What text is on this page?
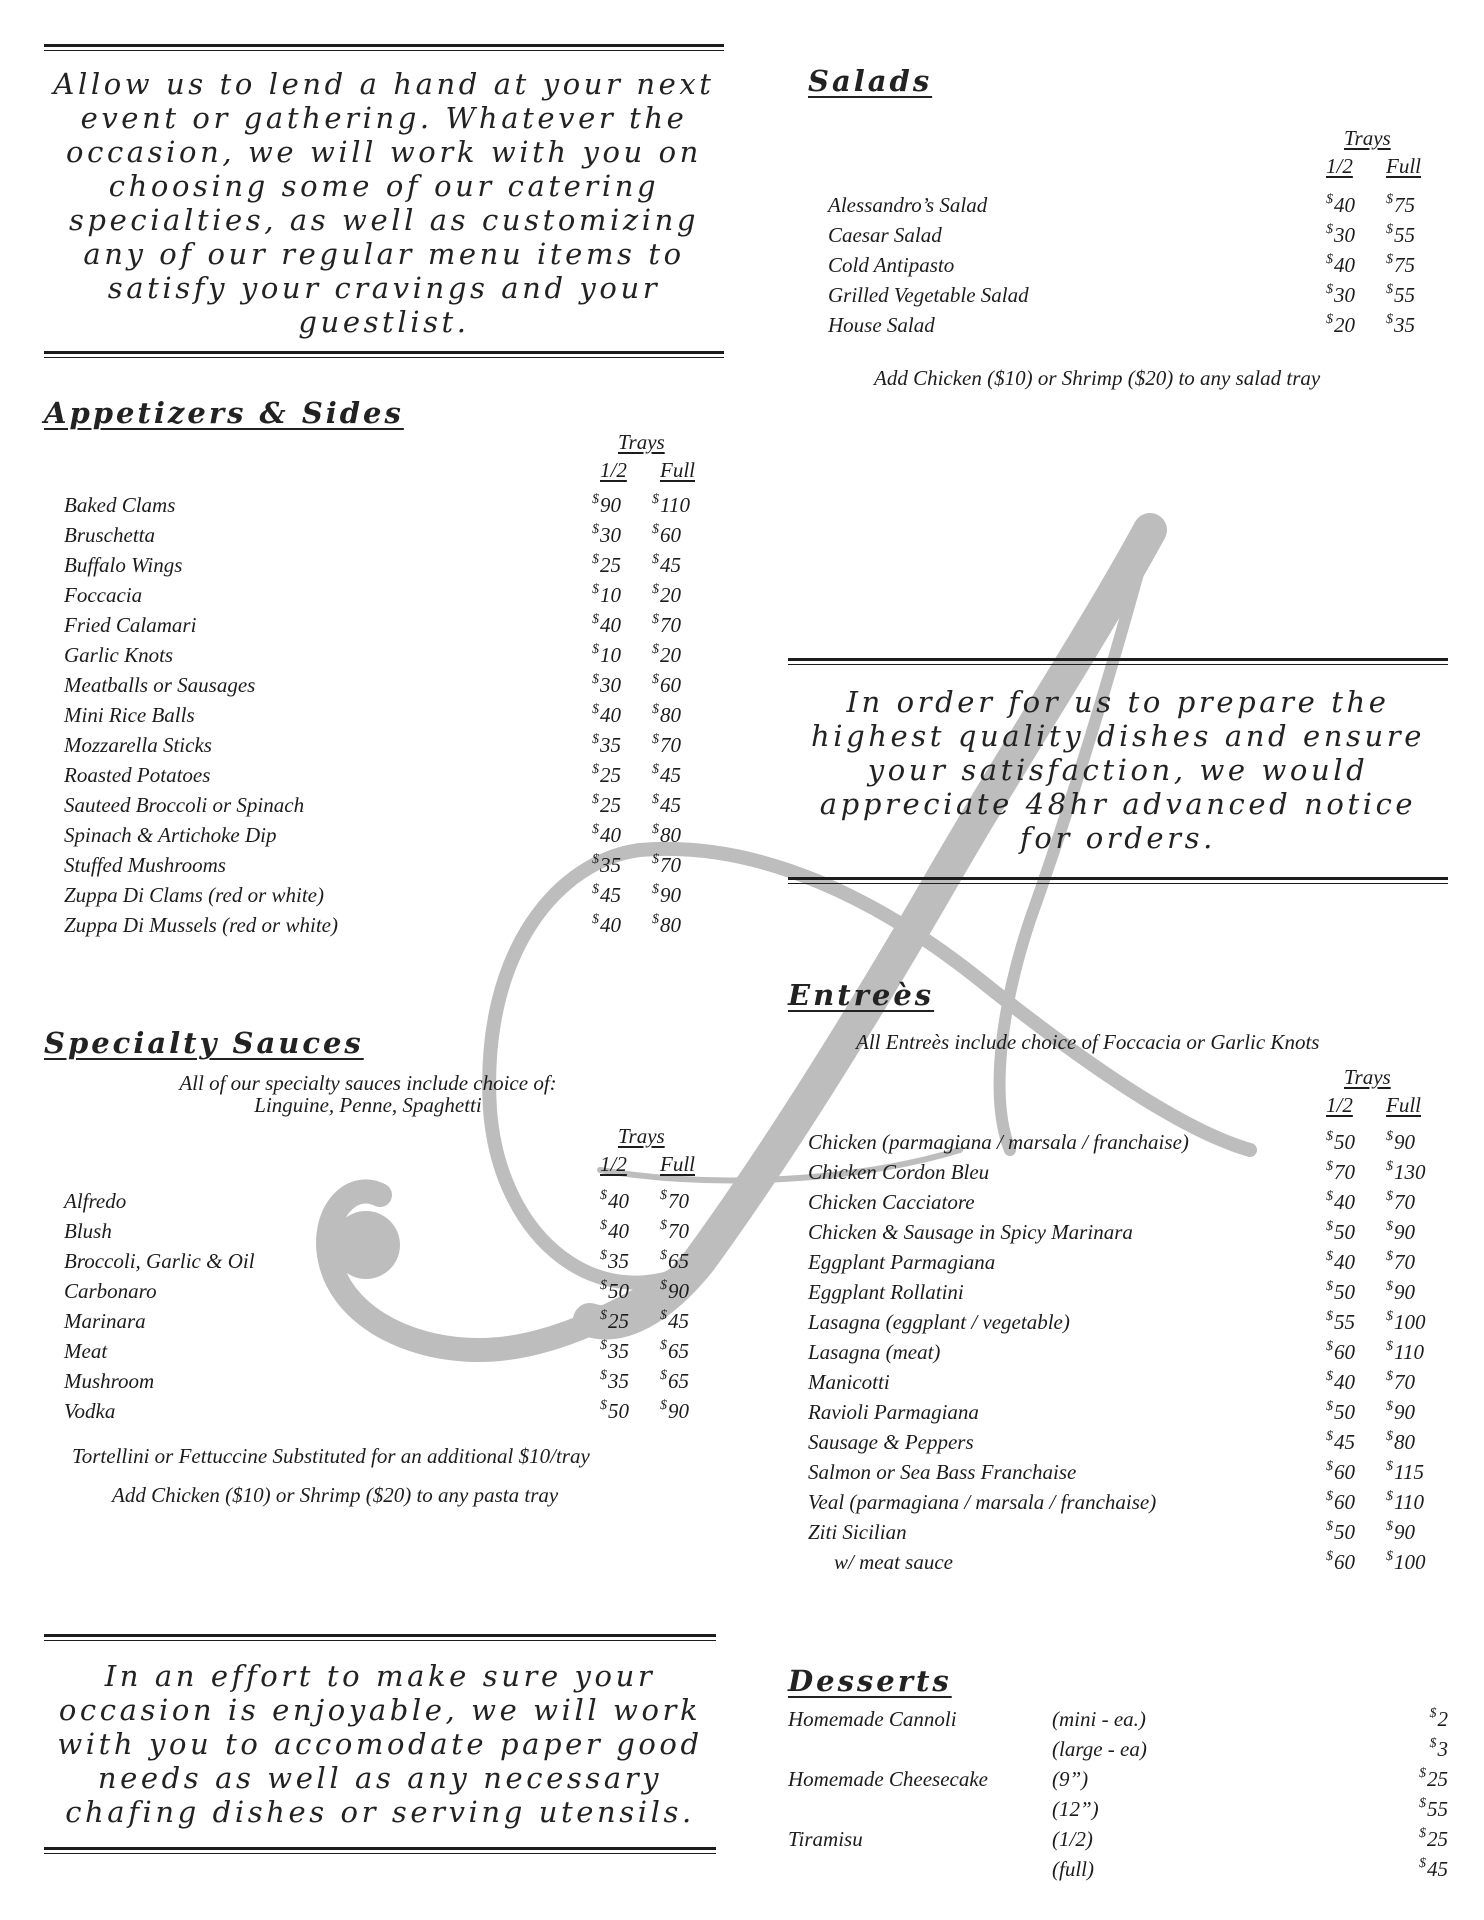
Allow us to lend a hand at your next event or gathering. Whatever the occasion, we will work with you on choosing some of our catering specialties, as well as customizing any of our regular menu items to satisfy your cravings and your guestlist.
Appetizers & Sides
Trays
1/2 Full
Baked Clams	$90 $110
Bruschetta	$30 $60
Buffalo Wings	$25 $45
Foccacia	$10 $20
Fried Calamari	$40 $70
Garlic Knots	$10 $20
Meatballs or Sausages	$30 $60
Mini Rice Balls	$40 $80
Mozzarella Sticks	$35 $70
Roasted Potatoes	$25 $45
Sauteed Broccoli or Spinach	$25 $45
Spinach & Artichoke Dip	$40 $80
Stuffed Mushrooms	$35 $70
Zuppa Di Clams (red or white)	$45 $90
Zuppa Di Mussels (red or white)	$40 $80
Specialty Sauces
All of our specialty sauces include choice of:
Linguine, Penne, Spaghetti
Trays
1/2 Full
Alfredo	$40 $70
Blush	$40 $70
Broccoli, Garlic & Oil	$35 $65
Carbonaro	$50 $90
Marinara	$25 $45
Meat	$35 $65
Mushroom	$35 $65
Vodka	$50 $90
Tortellini or Fettuccine Substituted for an additional $10/tray
Add Chicken ($10) or Shrimp ($20) to any pasta tray
In an effort to make sure your occasion is enjoyable, we will work with you to accomodate paper good needs as well as any necessary chafing dishes or serving utensils.
Salads
Trays
1/2 Full
Alessandro’s Salad	$40 $75
Caesar Salad	$30 $55
Cold Antipasto	$40 $75
Grilled Vegetable Salad	$30 $55
House Salad	$20 $35
Add Chicken ($10) or Shrimp ($20) to any salad tray
In order for us to prepare the highest quality dishes and ensure your satisfaction, we would appreciate 48hr advanced notice for orders.
Entreès
All Entreès include choice of Foccacia or Garlic Knots
Trays
1/2 Full
Chicken (parmagiana / marsala / franchaise)	$50 $90
Chicken Cordon Bleu	$70 $130
Chicken Cacciatore	$40 $70
Chicken & Sausage in Spicy Marinara	$50 $90
Eggplant Parmagiana	$40 $70
Eggplant Rollatini	$50 $90
Lasagna (eggplant / vegetable)	$55 $100
Lasagna (meat)	$60 $110
Manicotti	$40 $70
Ravioli Parmagiana	$50 $90
Sausage & Peppers	$45 $80
Salmon or Sea Bass Franchaise	$60 $115
Veal (parmagiana / marsala / franchaise)	$60 $110
Ziti Sicilian	$50 $90
w/ meat sauce	$60 $100
Desserts
Homemade Cannoli	(mini - ea.)	$2
(large - ea)	$3
Homemade Cheesecake	(9”)	$25
(12”)	$55
Tiramisu	(1/2)	$25
(full)	$45
